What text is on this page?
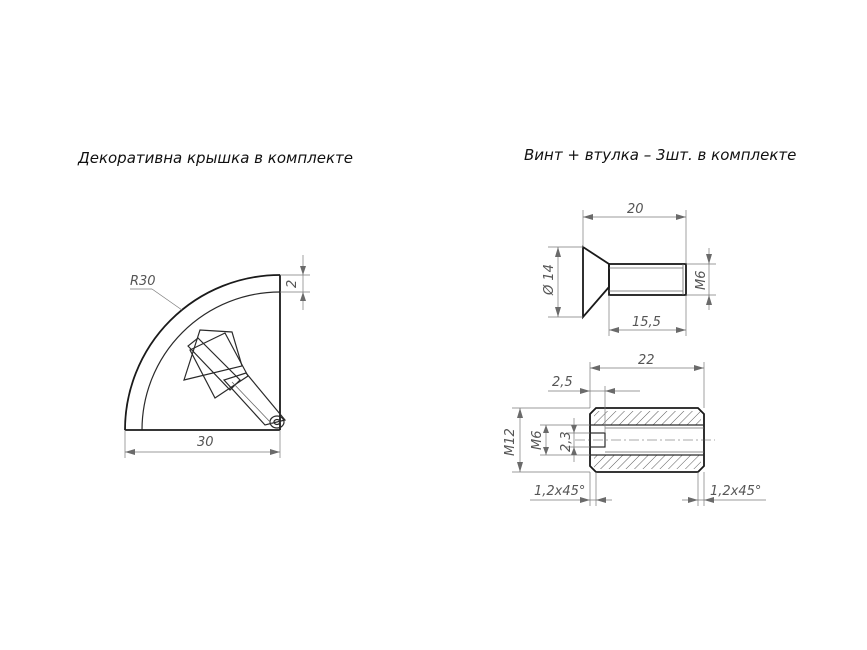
Декоративна крышка в комплекте	Винт + втулка – 3шт. в комплекте
R30	2
30
20
Ø 14	M6
15,5
22
2,5
M12 M6 2,3
1,2x45°	1,2x45°
